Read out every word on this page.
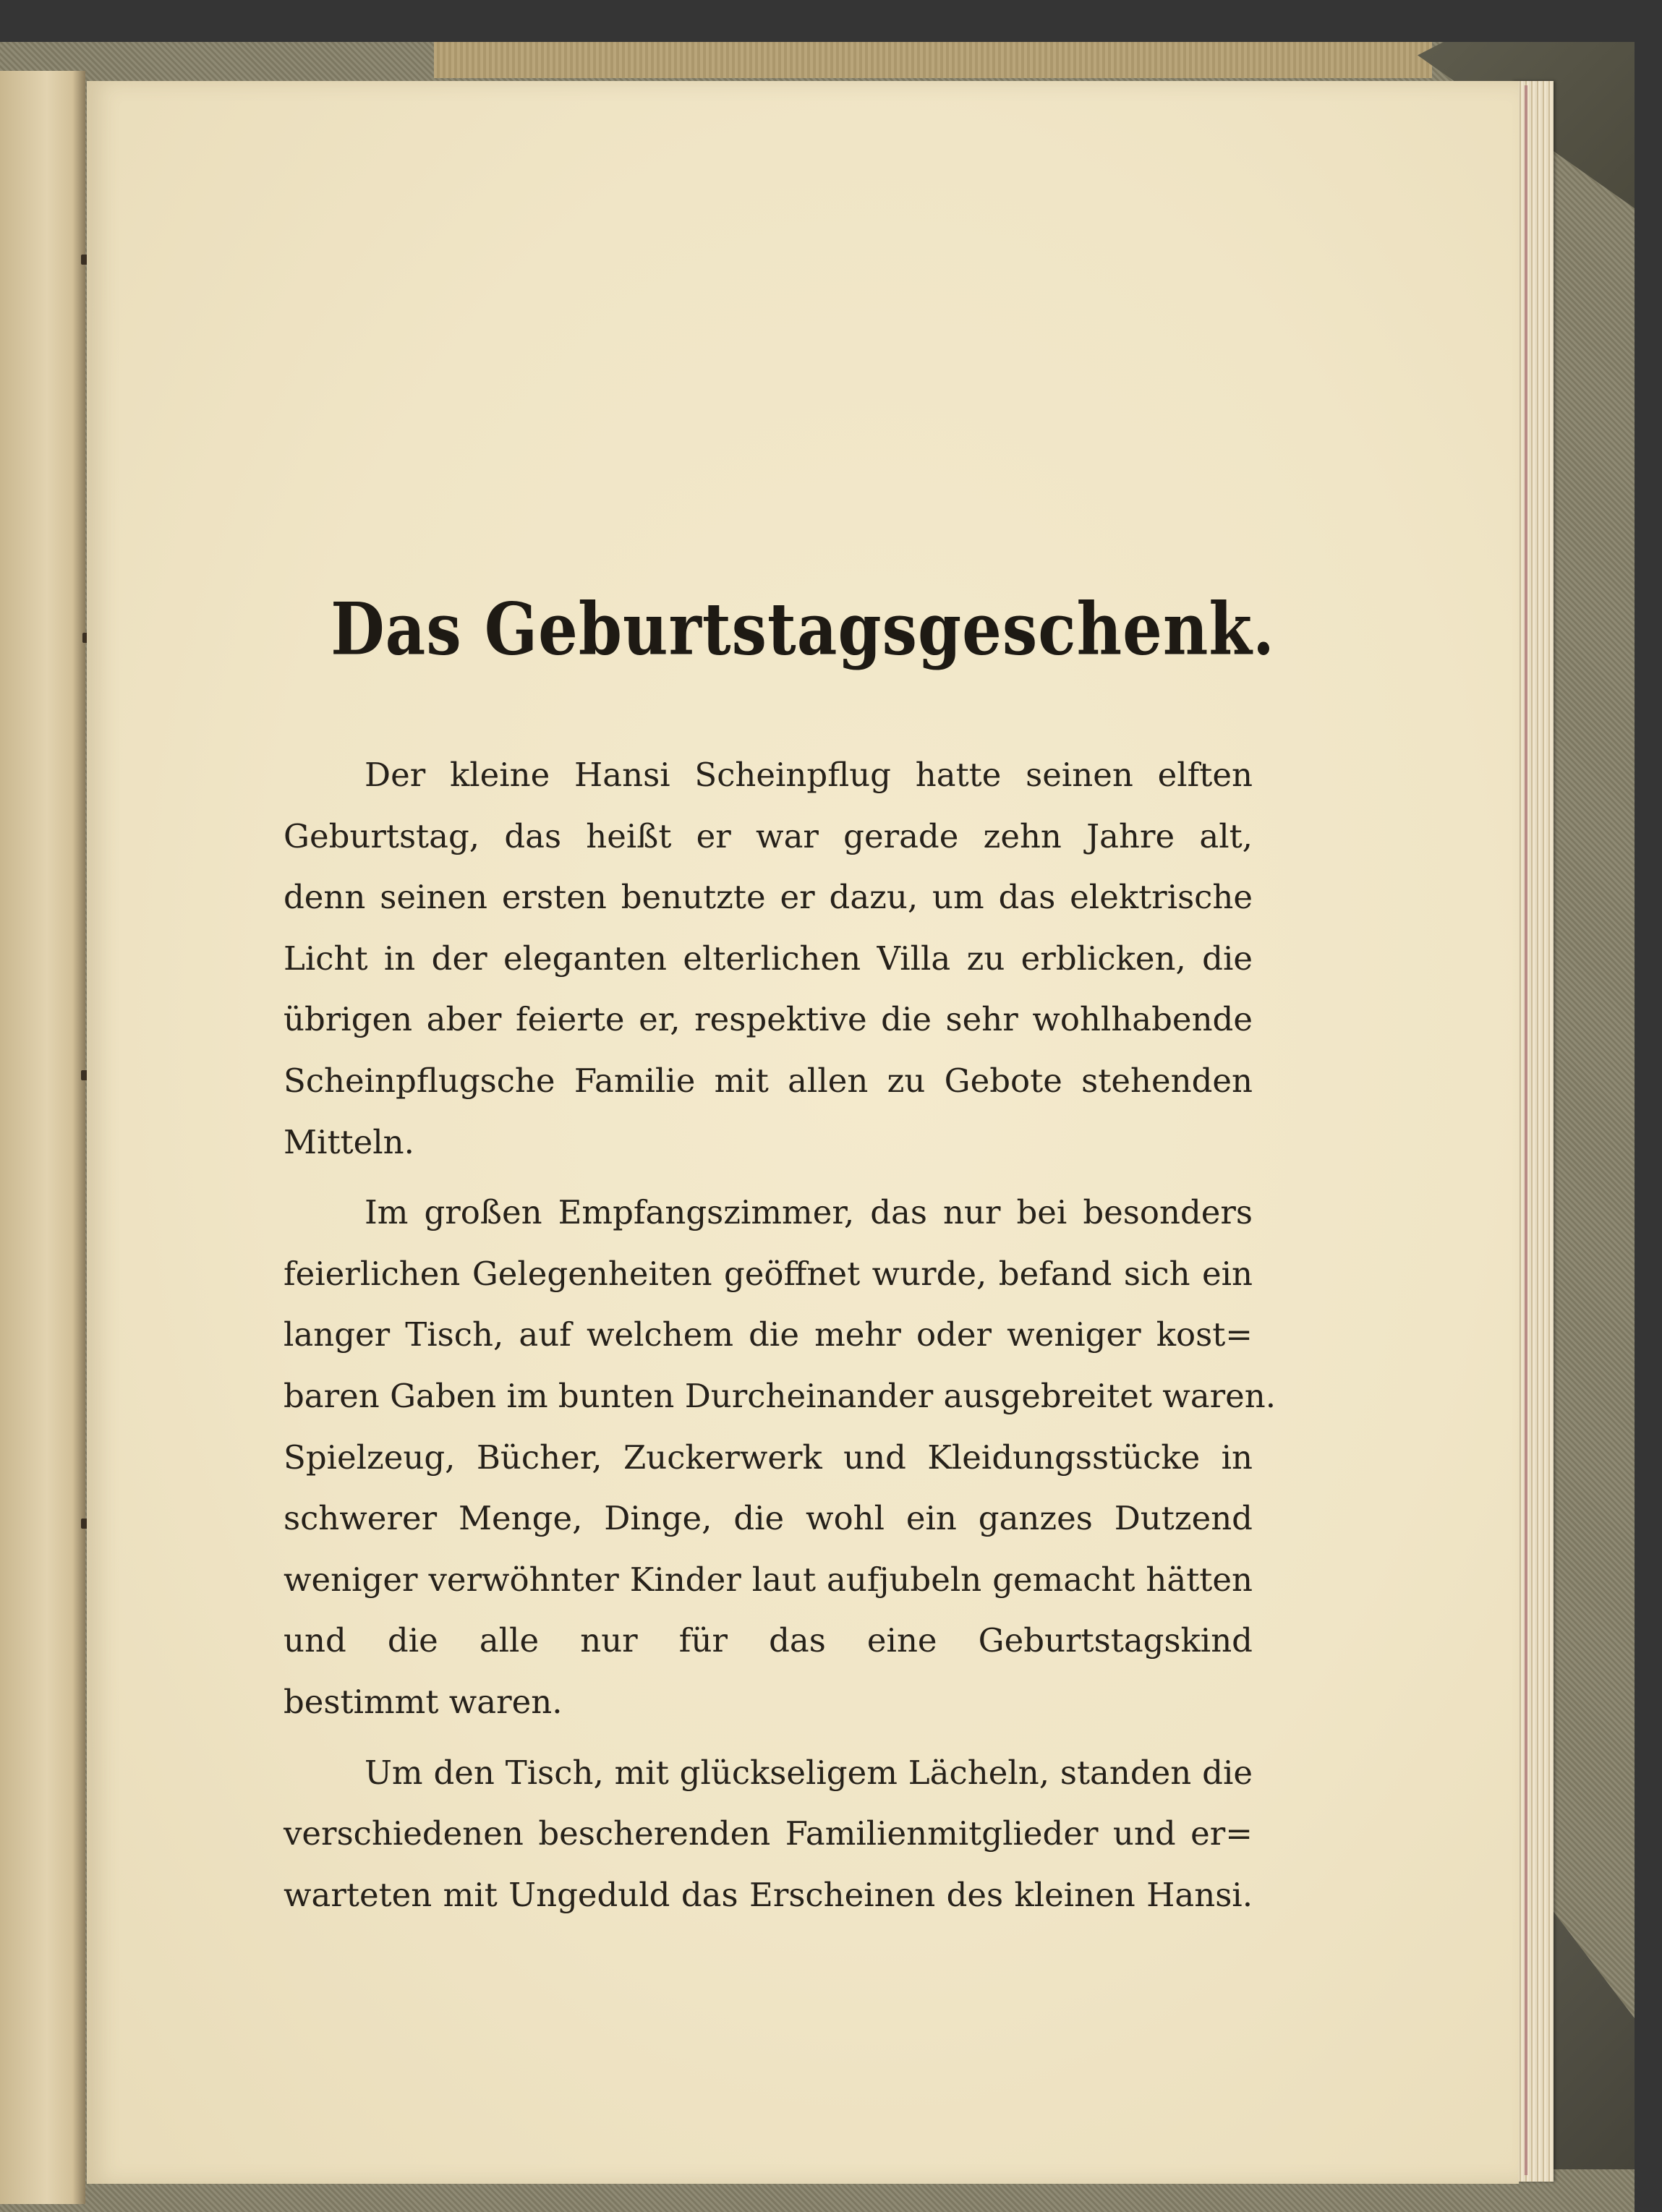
Das Geburtstagsgeschenk.

Der kleine Hansi Scheinpflug hatte seinen elften
Geburtstag, das heißt er war gerade zehn Jahre alt,
denn seinen ersten benutzte er dazu, um das elektrische
Licht in der eleganten elterlichen Villa zu erblicken, die
übrigen aber feierte er, respektive die sehr wohlhabende
Scheinpflugsche Familie mit allen zu Gebote stehenden
Mitteln.

Im großen Empfangszimmer, das nur bei besonders
feierlichen Gelegenheiten geöffnet wurde, befand sich ein
langer Tisch, auf welchem die mehr oder weniger kost=
baren Gaben im bunten Durcheinander ausgebreitet waren.
Spielzeug, Bücher, Zuckerwerk und Kleidungsstücke in
schwerer Menge, Dinge, die wohl ein ganzes Dutzend
weniger verwöhnter Kinder laut aufjubeln gemacht hätten
und die alle nur für das eine Geburtstagskind
bestimmt waren.

Um den Tisch, mit glückseligem Lächeln, standen die
verschiedenen bescherenden Familienmitglieder und er=
warteten mit Ungeduld das Erscheinen des kleinen Hansi.
